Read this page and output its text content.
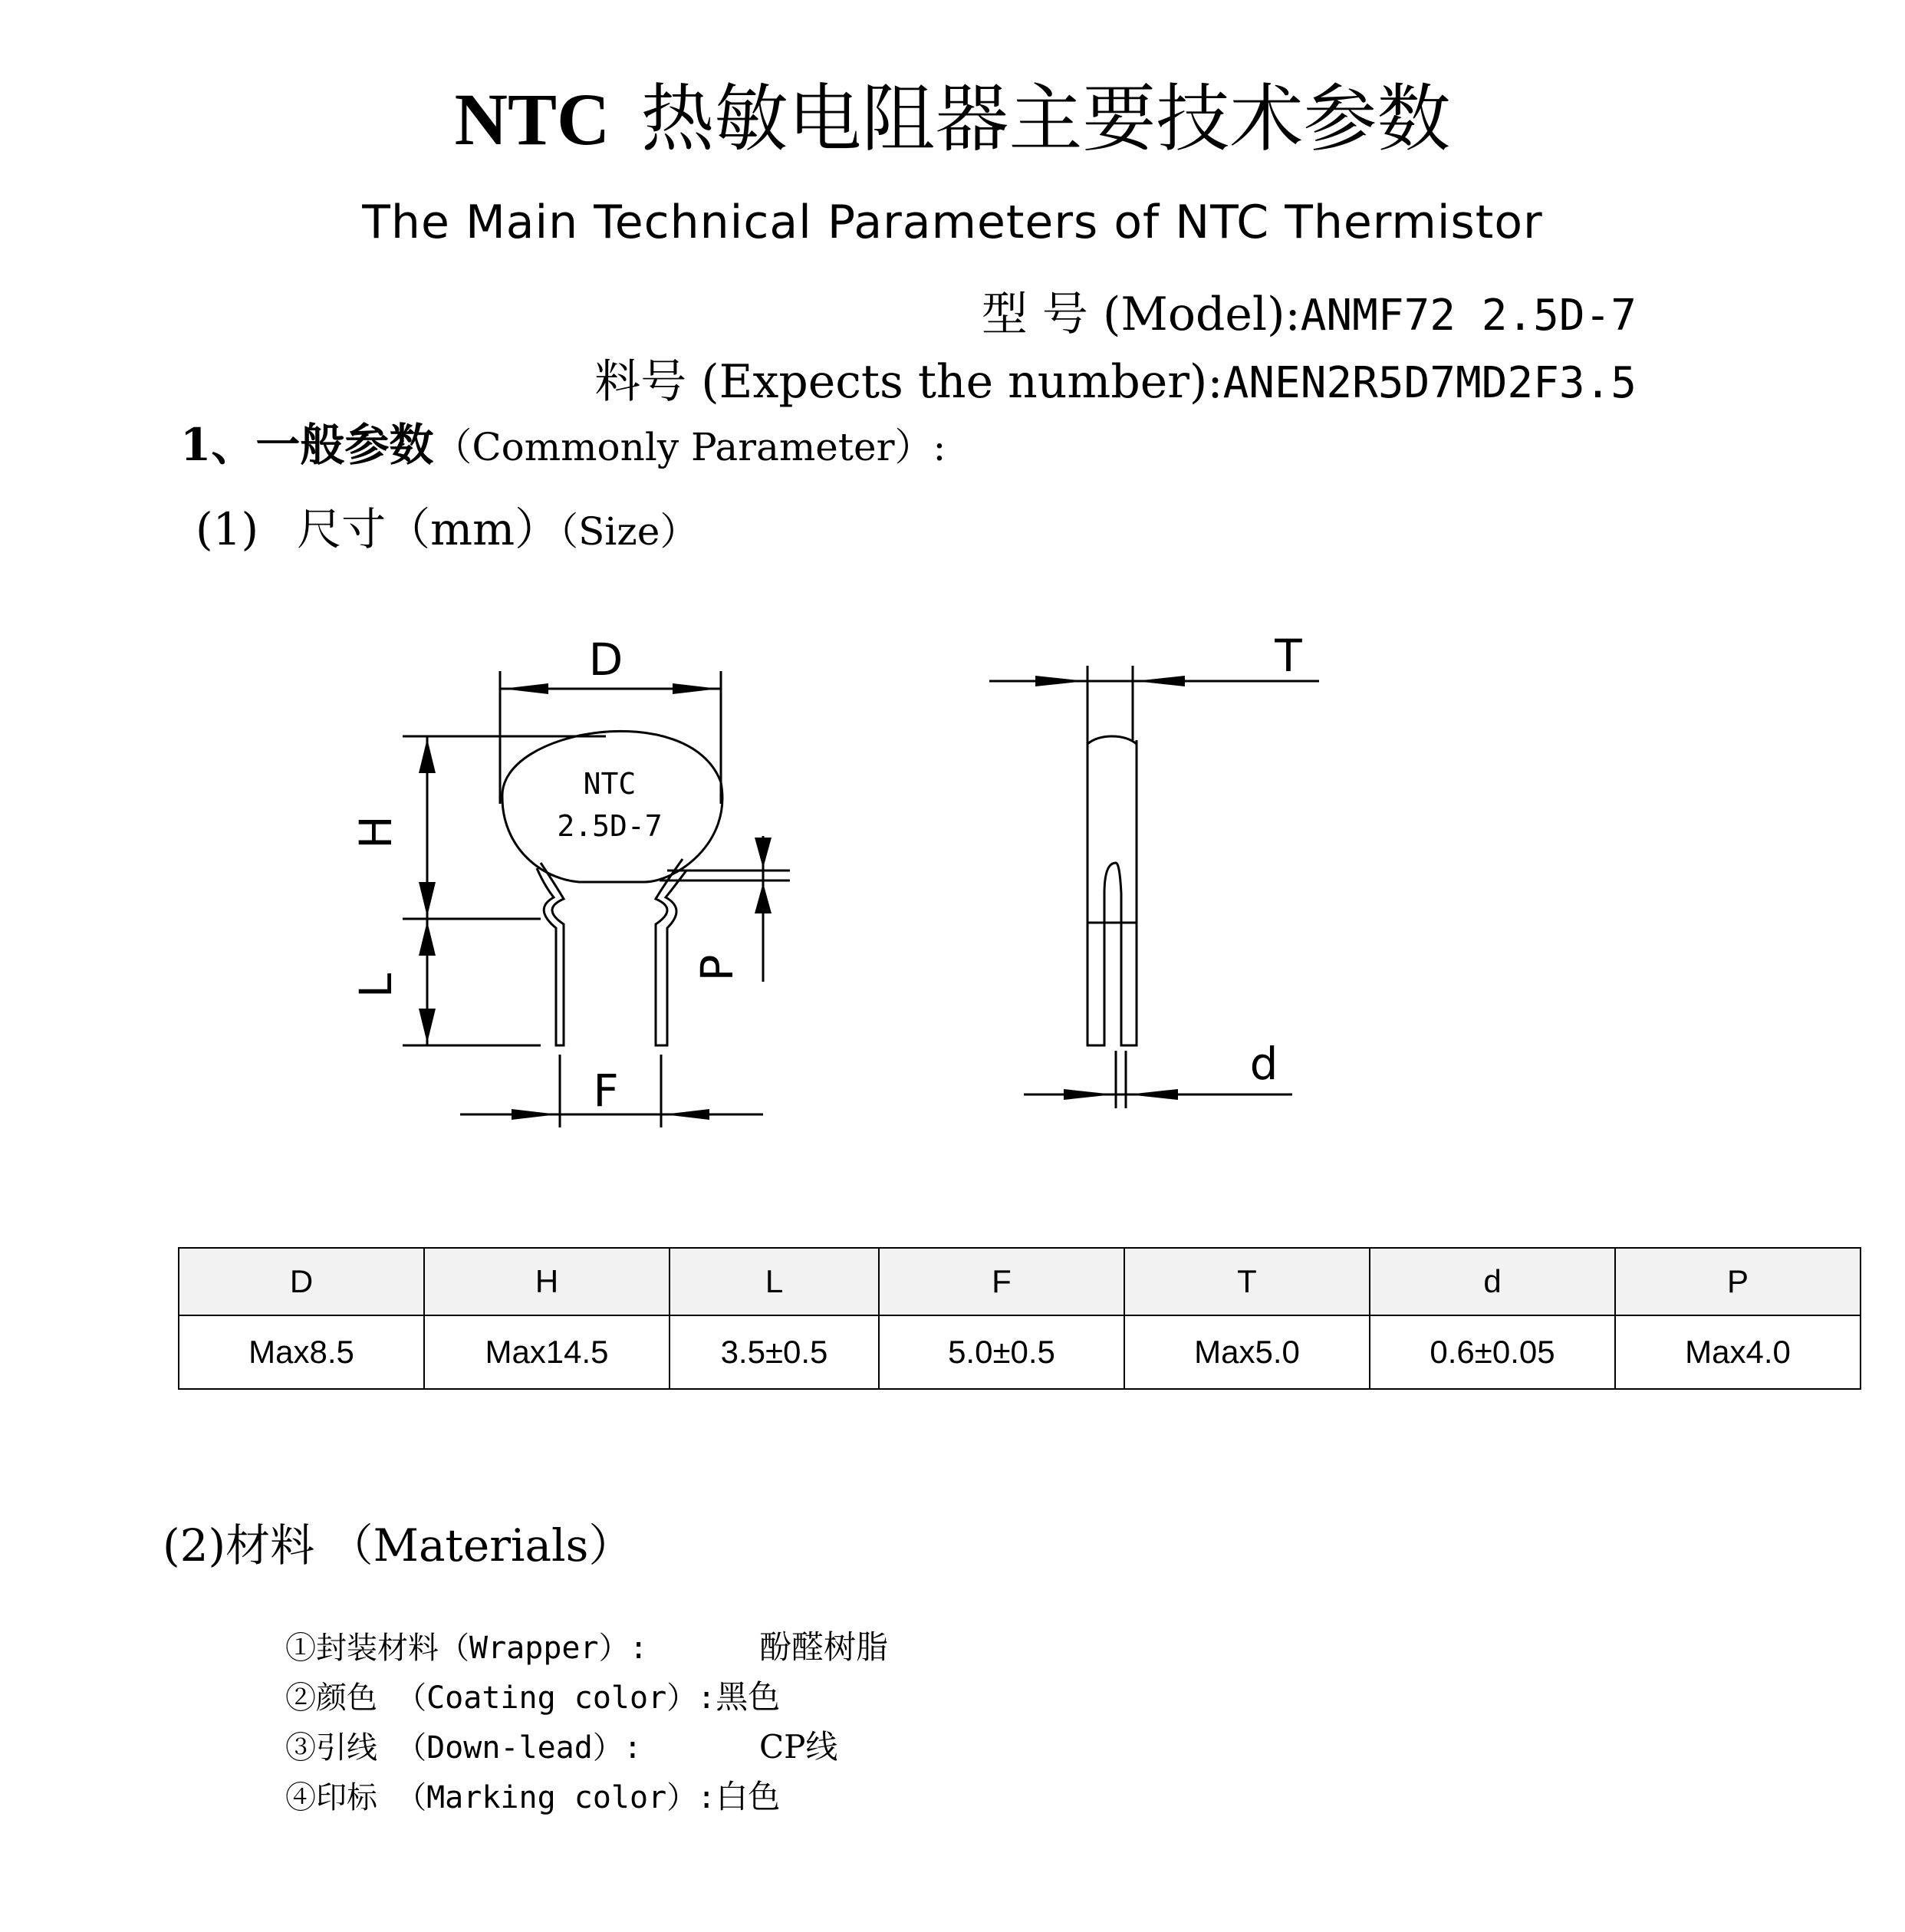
NTC 热敏电阻器主要技术参数
The Main Technical Parameters of NTC Thermistor
型 号 (Model):ANMF72 2.5D-7
料号 (Expects the number):ANEN2R5D7MD2F3.5
1、一般参数（Commonly Parameter）:
(1) 尺寸（mm）（Size）
D
H
L
F
P
NTC
2.5D-7
T
d
D	H	L	F	T	d	P
Max8.5	Max14.5	3.5±0.5	5.0±0.5	Max5.0	0.6±0.05	Max4.0
(2)材料 （Materials）
①封装材料（Wrapper）:	酚醛树脂
②颜色 （Coating color）:黑色
③引线 （Down-lead）:	CP线
④印标 （Marking color）:白色
